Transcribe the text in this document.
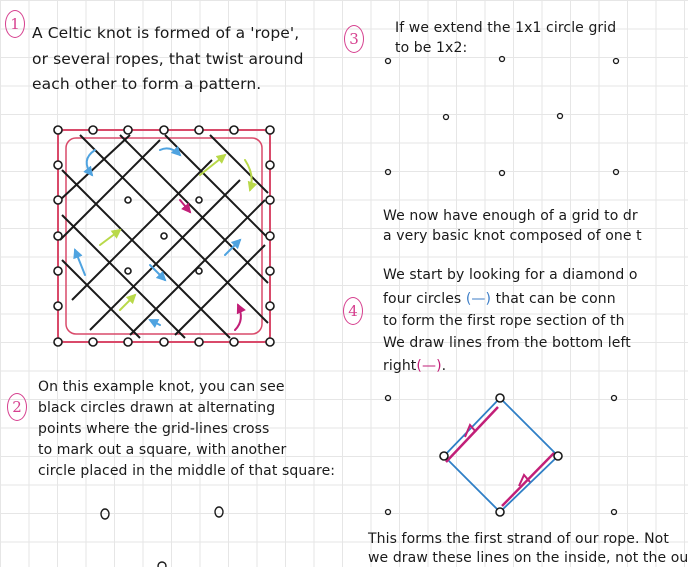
1 A Celtic knot is formed of a 'rope',

or several ropes, that twist around

each other to form a pattern.

2

On this example knot, you can see

black circles drawn at alternating

points where the grid-lines cross

to mark out a square, with another

circle placed in the middle of that square:

3

If we extend the 1x1 circle grid

to be 1x2:

We now have enough of a grid to dr

a very basic knot composed of one t

4

We start by looking for a diamond o

four circles (—) that can be conn

to form the first rope section of th

We draw lines from the bottom left

right(—).

This forms the first strand of our rope. Not

we draw these lines on the inside, not the ou
